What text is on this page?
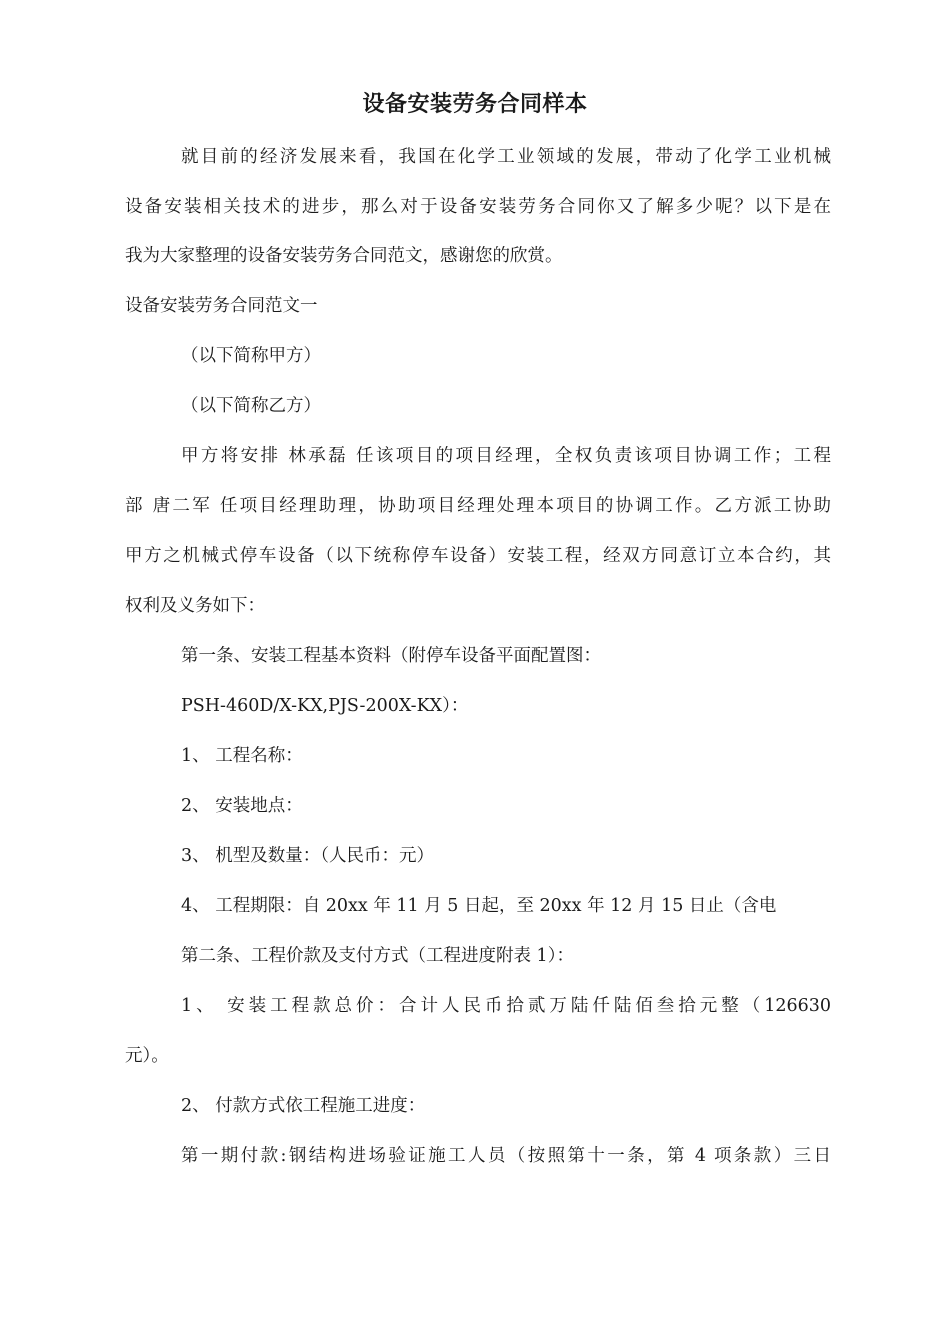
设备安装劳务合同样本
就目前的经济发展来看，我国在化学工业领域的发展，带动了化学工业机械
设备安装相关技术的进步，那么对于设备安装劳务合同你又了解多少呢？以下是在
我为大家整理的设备安装劳务合同范文，感谢您的欣赏。
设备安装劳务合同范文一
（以下简称甲方）
（以下简称乙方）
甲方将安排 林承磊 任该项目的项目经理，全权负责该项目协调工作；工程
部 唐二军 任项目经理助理，协助项目经理处理本项目的协调工作。乙方派工协助
甲方之机械式停车设备（以下统称停车设备）安装工程，经双方同意订立本合约，其
权利及义务如下：
第一条、安装工程基本资料（附停车设备平面配置图：
PSH-460D/X-KX,PJS-200X-KX）：
1、 工程名称：
2、 安装地点：
3、 机型及数量：（人民币：元）
4、 工程期限：自 20xx 年 11 月 5 日起，至 20xx 年 12 月 15 日止（含电
第二条、工程价款及支付方式（工程进度附表 1）：
1、 安装工程款总价：合计人民币拾贰万陆仟陆佰叁拾元整（126630
元）。
2、 付款方式依工程施工进度：
第一期付款:钢结构进场验证施工人员（按照第十一条，第 4 项条款）三日
